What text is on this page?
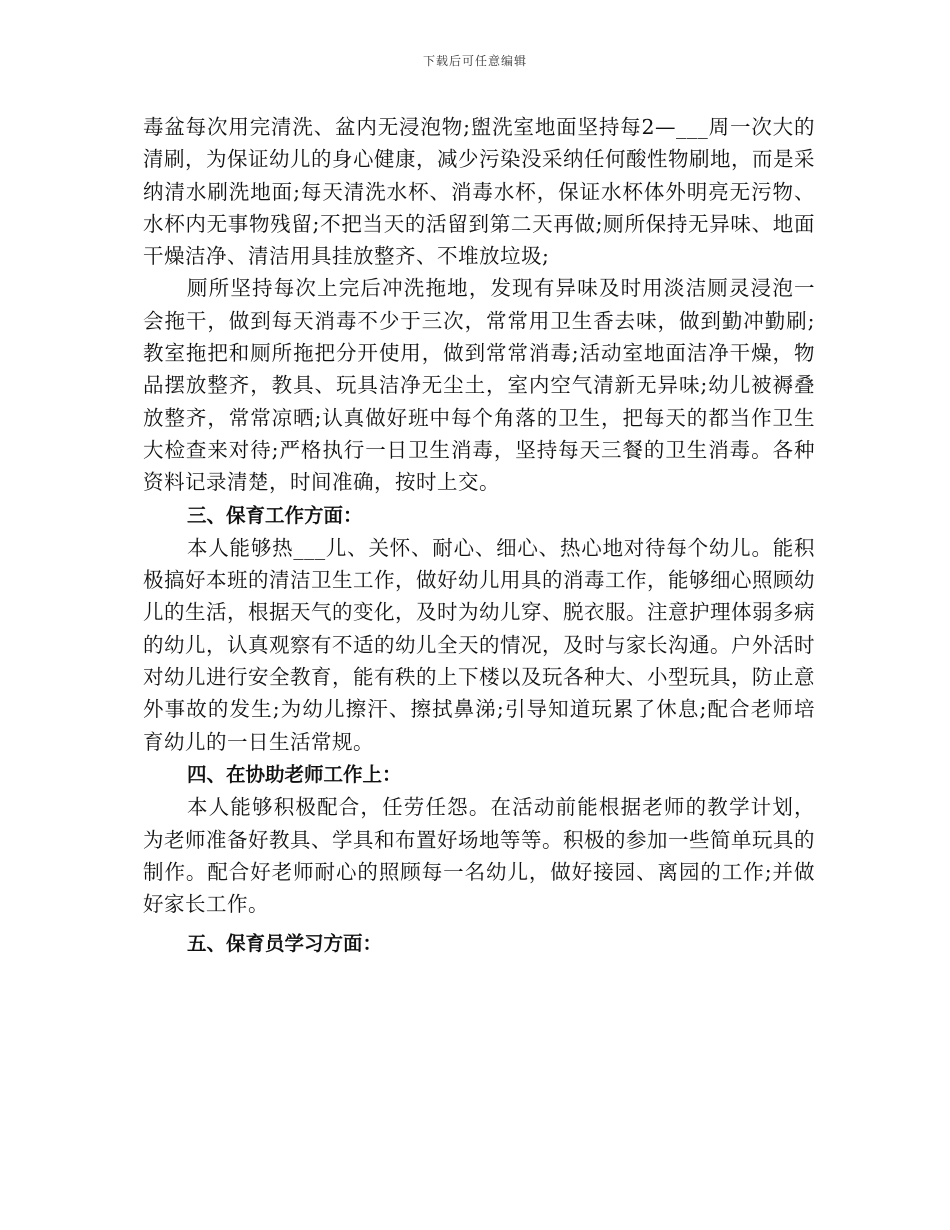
下载后可任意编辑

毒盆每次用完清洗、盆内无浸泡物;盥洗室地面坚持每2—___周一次大的清刷，为保证幼儿的身心健康，减少污染没采纳任何酸性物刷地，而是采纳清水刷洗地面;每天清洗水杯、消毒水杯，保证水杯体外明亮无污物、水杯内无事物残留;不把当天的活留到第二天再做;厕所保持无异味、地面干燥洁净、清洁用具挂放整齐、不堆放垃圾;

厕所坚持每次上完后冲洗拖地，发现有异味及时用淡洁厕灵浸泡一会拖干，做到每天消毒不少于三次，常常用卫生香去味，做到勤冲勤刷;教室拖把和厕所拖把分开使用，做到常常消毒;活动室地面洁净干燥，物品摆放整齐，教具、玩具洁净无尘土，室内空气清新无异味;幼儿被褥叠放整齐，常常凉晒;认真做好班中每个角落的卫生，把每天的都当作卫生大检查来对待;严格执行一日卫生消毒，坚持每天三餐的卫生消毒。各种资料记录清楚，时间准确，按时上交。

三、保育工作方面：

本人能够热___儿、关怀、耐心、细心、热心地对待每个幼儿。能积极搞好本班的清洁卫生工作，做好幼儿用具的消毒工作，能够细心照顾幼儿的生活，根据天气的变化，及时为幼儿穿、脱衣服。注意护理体弱多病的幼儿，认真观察有不适的幼儿全天的情况，及时与家长沟通。户外活时对幼儿进行安全教育，能有秩的上下楼以及玩各种大、小型玩具，防止意外事故的发生;为幼儿擦汗、擦拭鼻涕;引导知道玩累了休息;配合老师培育幼儿的一日生活常规。

四、在协助老师工作上：

本人能够积极配合，任劳任怨。在活动前能根据老师的教学计划，为老师准备好教具、学具和布置好场地等等。积极的参加一些简单玩具的制作。配合好老师耐心的照顾每一名幼儿，做好接园、离园的工作;并做好家长工作。

五、保育员学习方面：
